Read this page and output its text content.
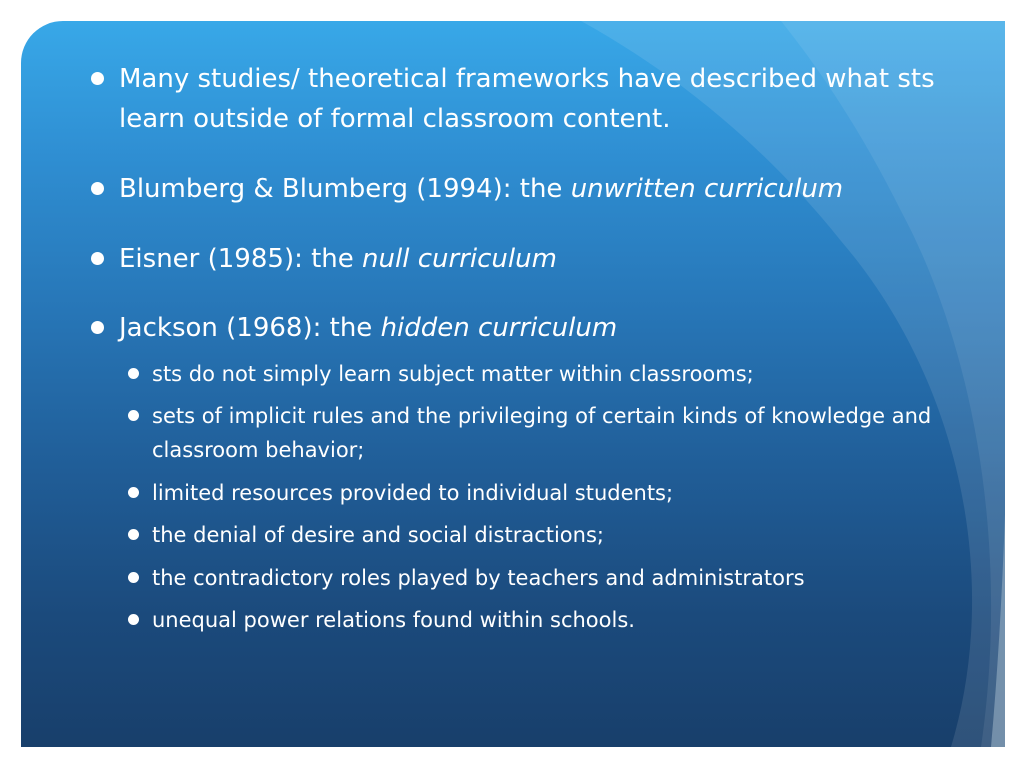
Many studies/ theoretical frameworks have described what sts learn outside of formal classroom content.
Blumberg & Blumberg (1994): the unwritten curriculum
Eisner (1985): the null curriculum
Jackson (1968): the hidden curriculum
sts do not simply learn subject matter within classrooms;
sets of implicit rules and the privileging of certain kinds of knowledge and classroom behavior;
limited resources provided to individual students;
the denial of desire and social distractions;
the contradictory roles played by teachers and administrators
unequal power relations found within schools.
